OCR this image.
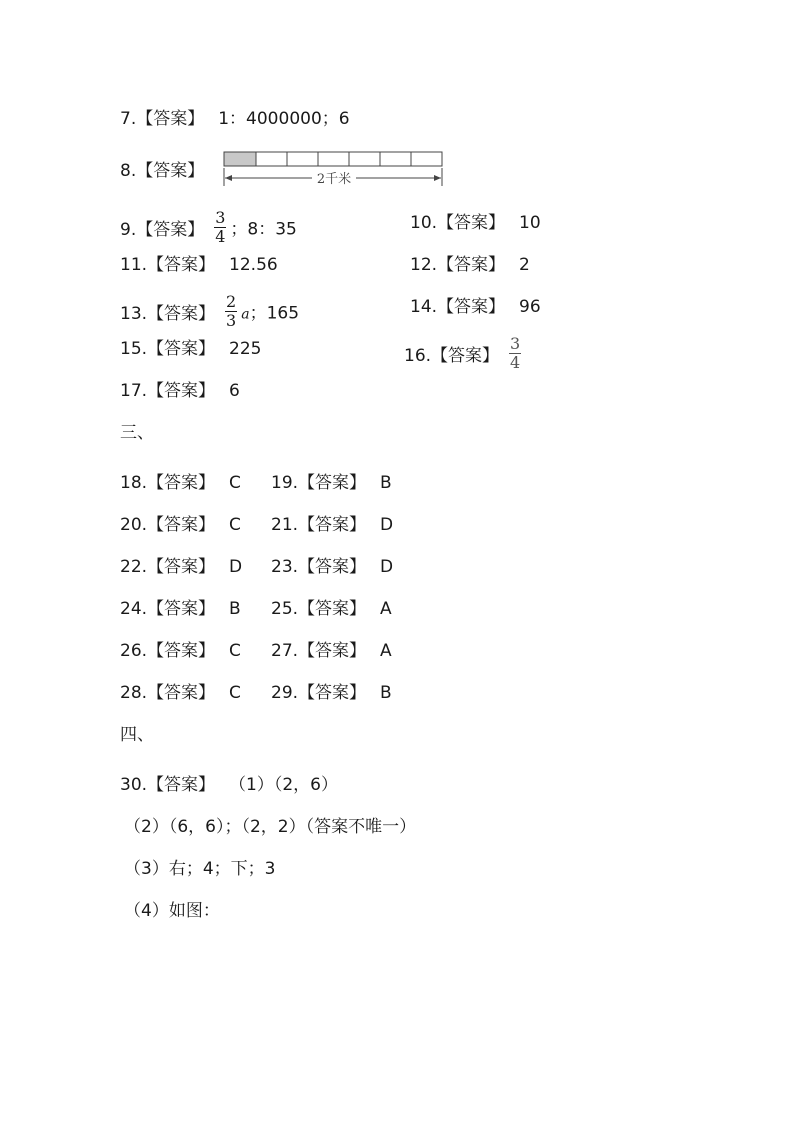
7.【答案】 1：4000000；6
8.【答案】	2千米
9.【答案】 $\frac{3}{4}$ ；8：35	10.【答案】 10
11.【答案】 12.56	12.【答案】 2
13.【答案】 $\frac{2}{3}$ a；165	14.【答案】 96
15.【答案】 225	16.【答案】 $\frac{3}{4}$
17.【答案】 6
三、
18.【答案】 C 19.【答案】 B
20.【答案】 C 21.【答案】 D
22.【答案】 D 23.【答案】 D
24.【答案】 B 25.【答案】 A
26.【答案】 C 27.【答案】 A
28.【答案】 C 29.【答案】 B
四、
30.【答案】 （1）（2，6）
（2）（6，6）；（2，2）（答案不唯一）
（3）右；4；下；3
（4）如图：
